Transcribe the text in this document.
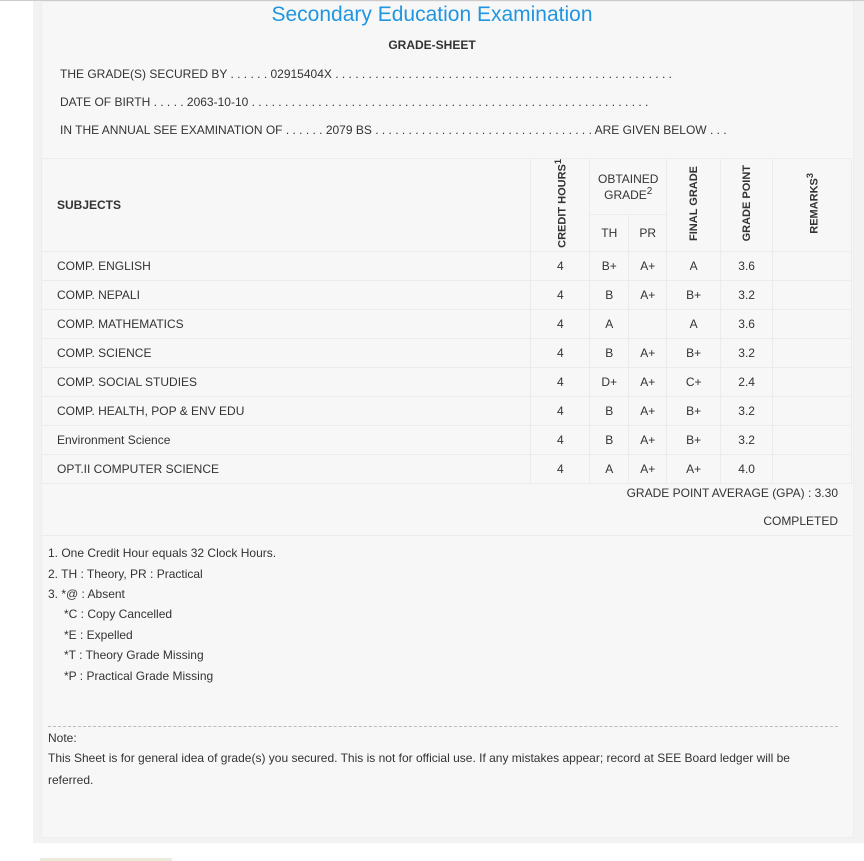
Secondary Education Examination
GRADE-SHEET
THE GRADE(S) SECURED BY . . . . . . 02915404X . . . . . . . . . . . . . . . . . . . . . . . . . . . . . . . . . . . . . . . . . . . . . . . . . . .
DATE OF BIRTH . . . . . 2063-10-10 . . . . . . . . . . . . . . . . . . . . . . . . . . . . . . . . . . . . . . . . . . . . . . . . . . . . . . . . . . . .
IN THE ANNUAL SEE EXAMINATION OF . . . . . . 2079 BS . . . . . . . . . . . . . . . . . . . . . . . . . . . . . . . . . ARE GIVEN BELOW . . .
SUBJECTS	CREDIT HOURS$^1$	OBTAINED GRADE$^2$		FINAL GRADE	GRADE POINT	REMARKS$^3$
		TH	PR			
COMP. ENGLISH	4	B+	A+	A	3.6	
COMP. NEPALI	4	B	A+	B+	3.2	
COMP. MATHEMATICS	4	A		A	3.6	
COMP. SCIENCE	4	B	A+	B+	3.2	
COMP. SOCIAL STUDIES	4	D+	A+	C+	2.4	
COMP. HEALTH, POP & ENV EDU	4	B	A+	B+	3.2	
Environment Science	4	B	A+	B+	3.2	
OPT.II COMPUTER SCIENCE	4	A	A+	A+	4.0	
GRADE POINT AVERAGE (GPA) : 3.30
COMPLETED
1. One Credit Hour equals 32 Clock Hours.
2. TH : Theory, PR : Practical
3. *@ : Absent
*C : Copy Cancelled
*E : Expelled
*T : Theory Grade Missing
*P : Practical Grade Missing
Note:
This Sheet is for general idea of grade(s) you secured. This is not for official use. If any mistakes appear; record at SEE Board ledger will be referred.
